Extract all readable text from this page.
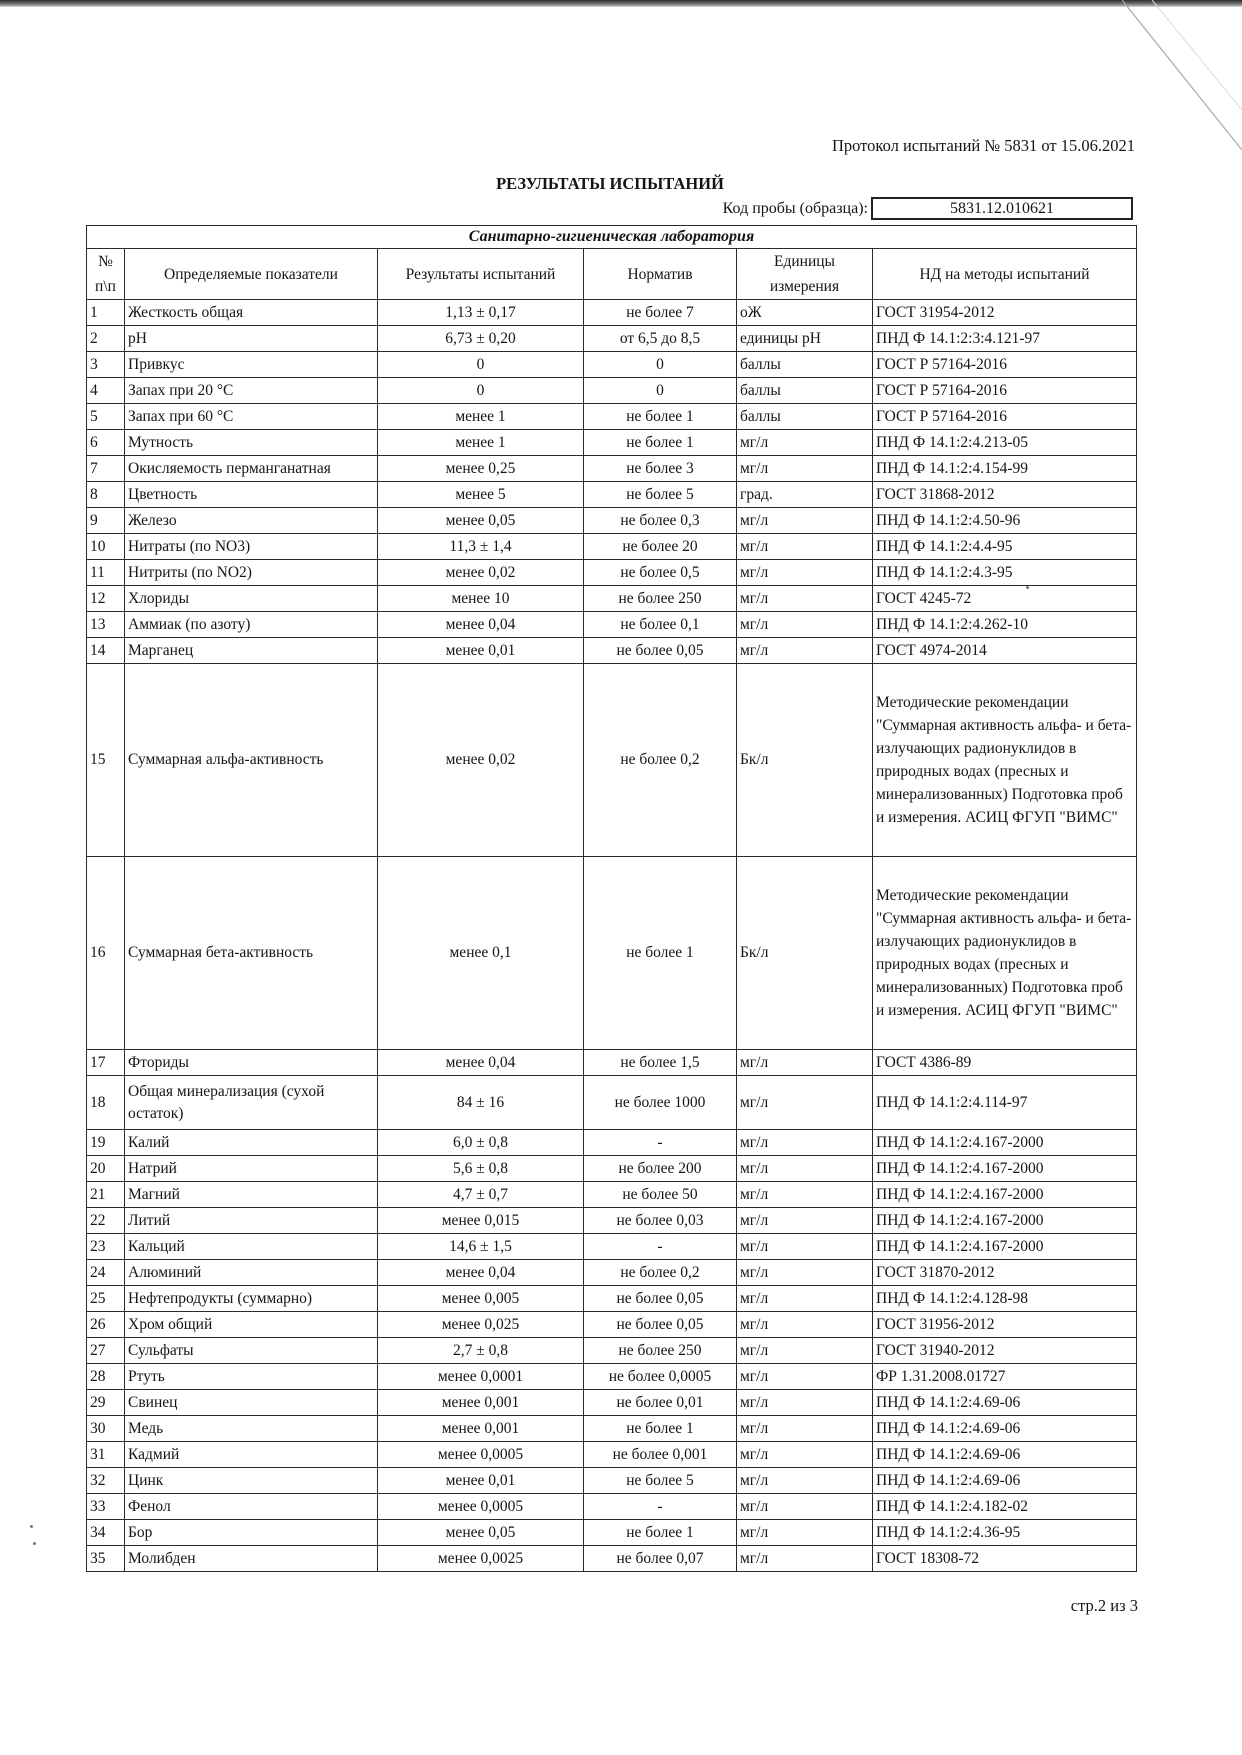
Протокол испытаний № 5831 от 15.06.2021
РЕЗУЛЬТАТЫ ИСПЫТАНИЙ
Код пробы (образца):	5831.12.010621
Санитарно-гигиеническая лаборатория					
№ п\п	Определяемые показатели	Результаты испытаний	Норматив	Единицы измерения	НД на методы испытаний
1	Жесткость общая	1,13 ± 0,17	не более 7	оЖ	ГОСТ 31954-2012
2	pH	6,73 ± 0,20	от 6,5 до 8,5	единицы pH	ПНД Ф 14.1:2:3:4.121-97
3	Привкус	0	0	баллы	ГОСТ Р 57164-2016
4	Запах при 20 °С	0	0	баллы	ГОСТ Р 57164-2016
5	Запах при 60 °С	менее 1	не более 1	баллы	ГОСТ Р 57164-2016
6	Мутность	менее 1	не более 1	мг/л	ПНД Ф 14.1:2:4.213-05
7	Окисляемость перманганатная	менее 0,25	не более 3	мг/л	ПНД Ф 14.1:2:4.154-99
8	Цветность	менее 5	не более 5	град.	ГОСТ 31868-2012
9	Железо	менее 0,05	не более 0,3	мг/л	ПНД Ф 14.1:2:4.50-96
10	Нитраты (по NO3)	11,3 ± 1,4	не более 20	мг/л	ПНД Ф 14.1:2:4.4-95
11	Нитриты (по NO2)	менее 0,02	не более 0,5	мг/л	ПНД Ф 14.1:2:4.3-95
12	Хлориды	менее 10	не более 250	мг/л	ГОСТ 4245-72
13	Аммиак (по азоту)	менее 0,04	не более 0,1	мг/л	ПНД Ф 14.1:2:4.262-10
14	Марганец	менее 0,01	не более 0,05	мг/л	ГОСТ 4974-2014
15	Суммарная альфа-активность	менее 0,02	не более 0,2	Бк/л	Методические рекомендации "Суммарная активность альфа- и бета- излучающих радионуклидов в природных водах (пресных и минерализованных) Подготовка проб и измерения. АСИЦ ФГУП "ВИМС"
16	Суммарная бета-активность	менее 0,1	не более 1	Бк/л	Методические рекомендации "Суммарная активность альфа- и бета- излучающих радионуклидов в природных водах (пресных и минерализованных) Подготовка проб и измерения. АСИЦ ФГУП "ВИМС"
17	Фториды	менее 0,04	не более 1,5	мг/л	ГОСТ 4386-89
18	Общая минерализация (сухой остаток)	84 ± 16	не более 1000	мг/л	ПНД Ф 14.1:2:4.114-97
19	Калий	6,0 ± 0,8	-	мг/л	ПНД Ф 14.1:2:4.167-2000
20	Натрий	5,6 ± 0,8	не более 200	мг/л	ПНД Ф 14.1:2:4.167-2000
21	Магний	4,7 ± 0,7	не более 50	мг/л	ПНД Ф 14.1:2:4.167-2000
22	Литий	менее 0,015	не более 0,03	мг/л	ПНД Ф 14.1:2:4.167-2000
23	Кальций	14,6 ± 1,5	-	мг/л	ПНД Ф 14.1:2:4.167-2000
24	Алюминий	менее 0,04	не более 0,2	мг/л	ГОСТ 31870-2012
25	Нефтепродукты (суммарно)	менее 0,005	не более 0,05	мг/л	ПНД Ф 14.1:2:4.128-98
26	Хром общий	менее 0,025	не более 0,05	мг/л	ГОСТ 31956-2012
27	Сульфаты	2,7 ± 0,8	не более 250	мг/л	ГОСТ 31940-2012
28	Ртуть	менее 0,0001	не более 0,0005	мг/л	ФР 1.31.2008.01727
29	Свинец	менее 0,001	не более 0,01	мг/л	ПНД Ф 14.1:2:4.69-06
30	Медь	менее 0,001	не более 1	мг/л	ПНД Ф 14.1:2:4.69-06
31	Кадмий	менее 0,0005	не более 0,001	мг/л	ПНД Ф 14.1:2:4.69-06
32	Цинк	менее 0,01	не более 5	мг/л	ПНД Ф 14.1:2:4.69-06
33	Фенол	менее 0,0005	-	мг/л	ПНД Ф 14.1:2:4.182-02
34	Бор	менее 0,05	не более 1	мг/л	ПНД Ф 14.1:2:4.36-95
35	Молибден	менее 0,0025	не более 0,07	мг/л	ГОСТ 18308-72
стр.2 из 3
